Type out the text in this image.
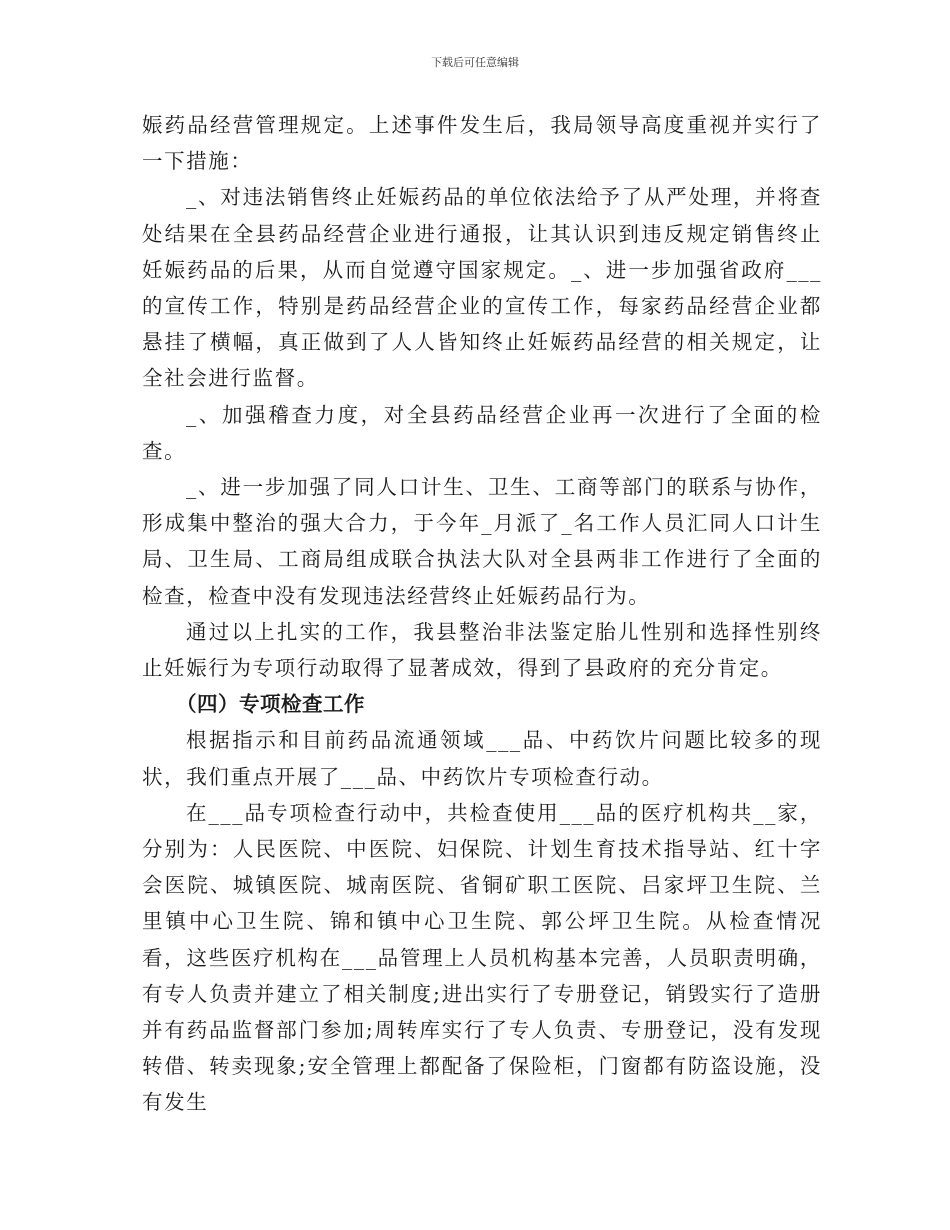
下载后可任意编辑

娠药品经营管理规定。上述事件发生后，我局领导高度重视并实行了一下措施：

_、对违法销售终止妊娠药品的单位依法给予了从严处理，并将查处结果在全县药品经营企业进行通报，让其认识到违反规定销售终止妊娠药品的后果，从而自觉遵守国家规定。_、进一步加强省政府___的宣传工作，特别是药品经营企业的宣传工作，每家药品经营企业都悬挂了横幅，真正做到了人人皆知终止妊娠药品经营的相关规定，让全社会进行监督。

_、加强稽查力度，对全县药品经营企业再一次进行了全面的检查。

_、进一步加强了同人口计生、卫生、工商等部门的联系与协作，形成集中整治的强大合力，于今年_月派了_名工作人员汇同人口计生局、卫生局、工商局组成联合执法大队对全县两非工作进行了全面的检查，检查中没有发现违法经营终止妊娠药品行为。

通过以上扎实的工作，我县整治非法鉴定胎儿性别和选择性别终止妊娠行为专项行动取得了显著成效，得到了县政府的充分肯定。

（四）专项检查工作

根据指示和目前药品流通领域___品、中药饮片问题比较多的现状，我们重点开展了___品、中药饮片专项检查行动。

在___品专项检查行动中，共检查使用___品的医疗机构共__家，分别为：人民医院、中医院、妇保院、计划生育技术指导站、红十字会医院、城镇医院、城南医院、省铜矿职工医院、吕家坪卫生院、兰里镇中心卫生院、锦和镇中心卫生院、郭公坪卫生院。从检查情况看，这些医疗机构在___品管理上人员机构基本完善，人员职责明确，有专人负责并建立了相关制度;进出实行了专册登记，销毁实行了造册并有药品监督部门参加;周转库实行了专人负责、专册登记，没有发现转借、转卖现象;安全管理上都配备了保险柜，门窗都有防盗设施，没有发生
